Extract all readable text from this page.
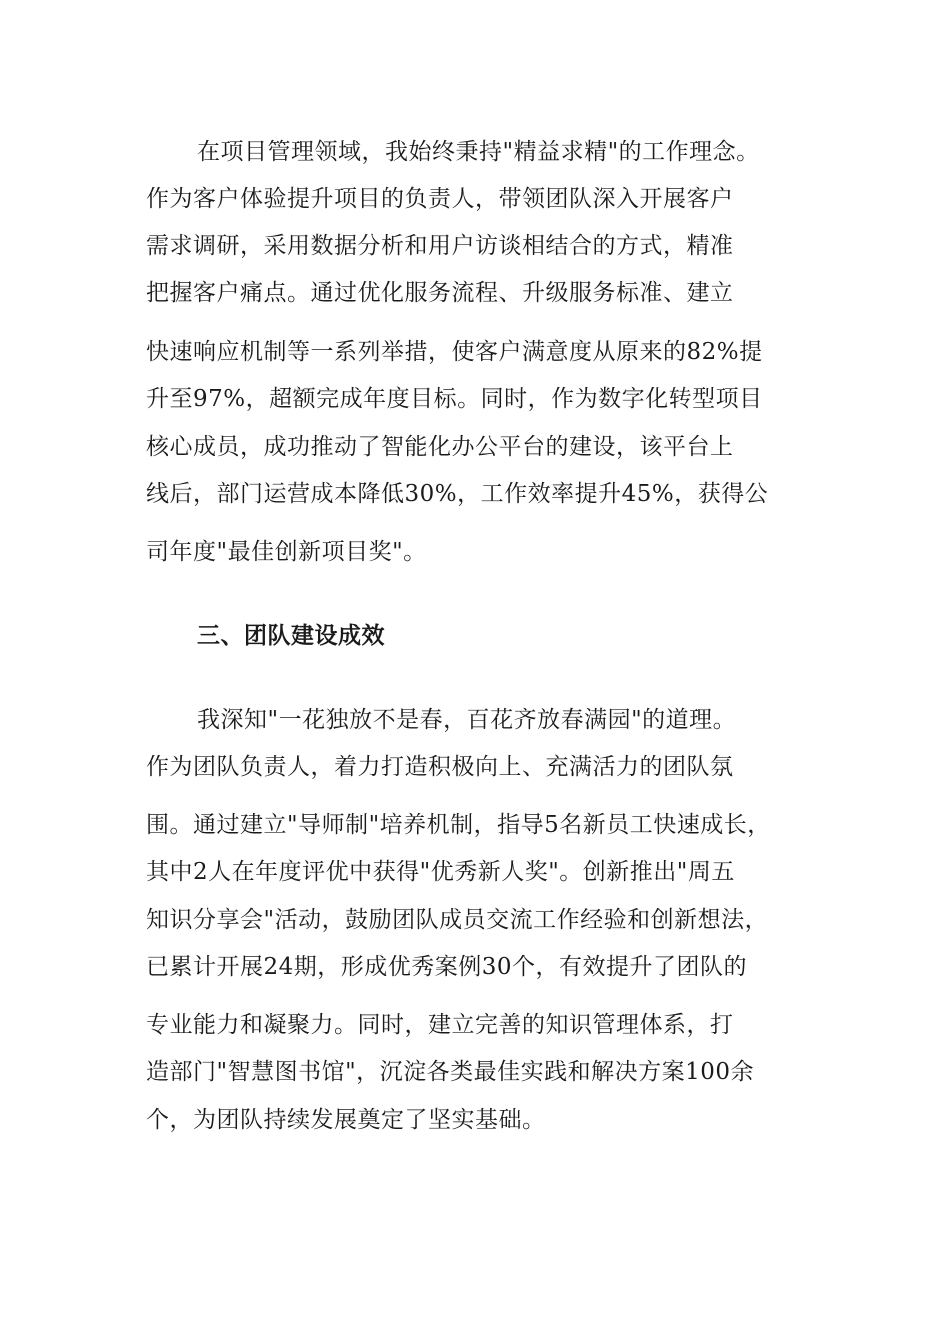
在项目管理领域，我始终秉持"精益求精"的工作理念。
作为客户体验提升项目的负责人，带领团队深入开展客户
需求调研，采用数据分析和用户访谈相结合的方式，精准
把握客户痛点。通过优化服务流程、升级服务标准、建立
快速响应机制等一系列举措，使客户满意度从原来的82%提
升至97%，超额完成年度目标。同时，作为数字化转型项目
核心成员，成功推动了智能化办公平台的建设，该平台上
线后，部门运营成本降低30%，工作效率提升45%，获得公
司年度"最佳创新项目奖"。
三、团队建设成效
我深知"一花独放不是春，百花齐放春满园"的道理。
作为团队负责人，着力打造积极向上、充满活力的团队氛
围。通过建立"导师制"培养机制，指导5名新员工快速成长，
其中2人在年度评优中获得"优秀新人奖"。创新推出"周五
知识分享会"活动，鼓励团队成员交流工作经验和创新想法，
已累计开展24期，形成优秀案例30个，有效提升了团队的
专业能力和凝聚力。同时，建立完善的知识管理体系，打
造部门"智慧图书馆"，沉淀各类最佳实践和解决方案100余
个，为团队持续发展奠定了坚实基础。
